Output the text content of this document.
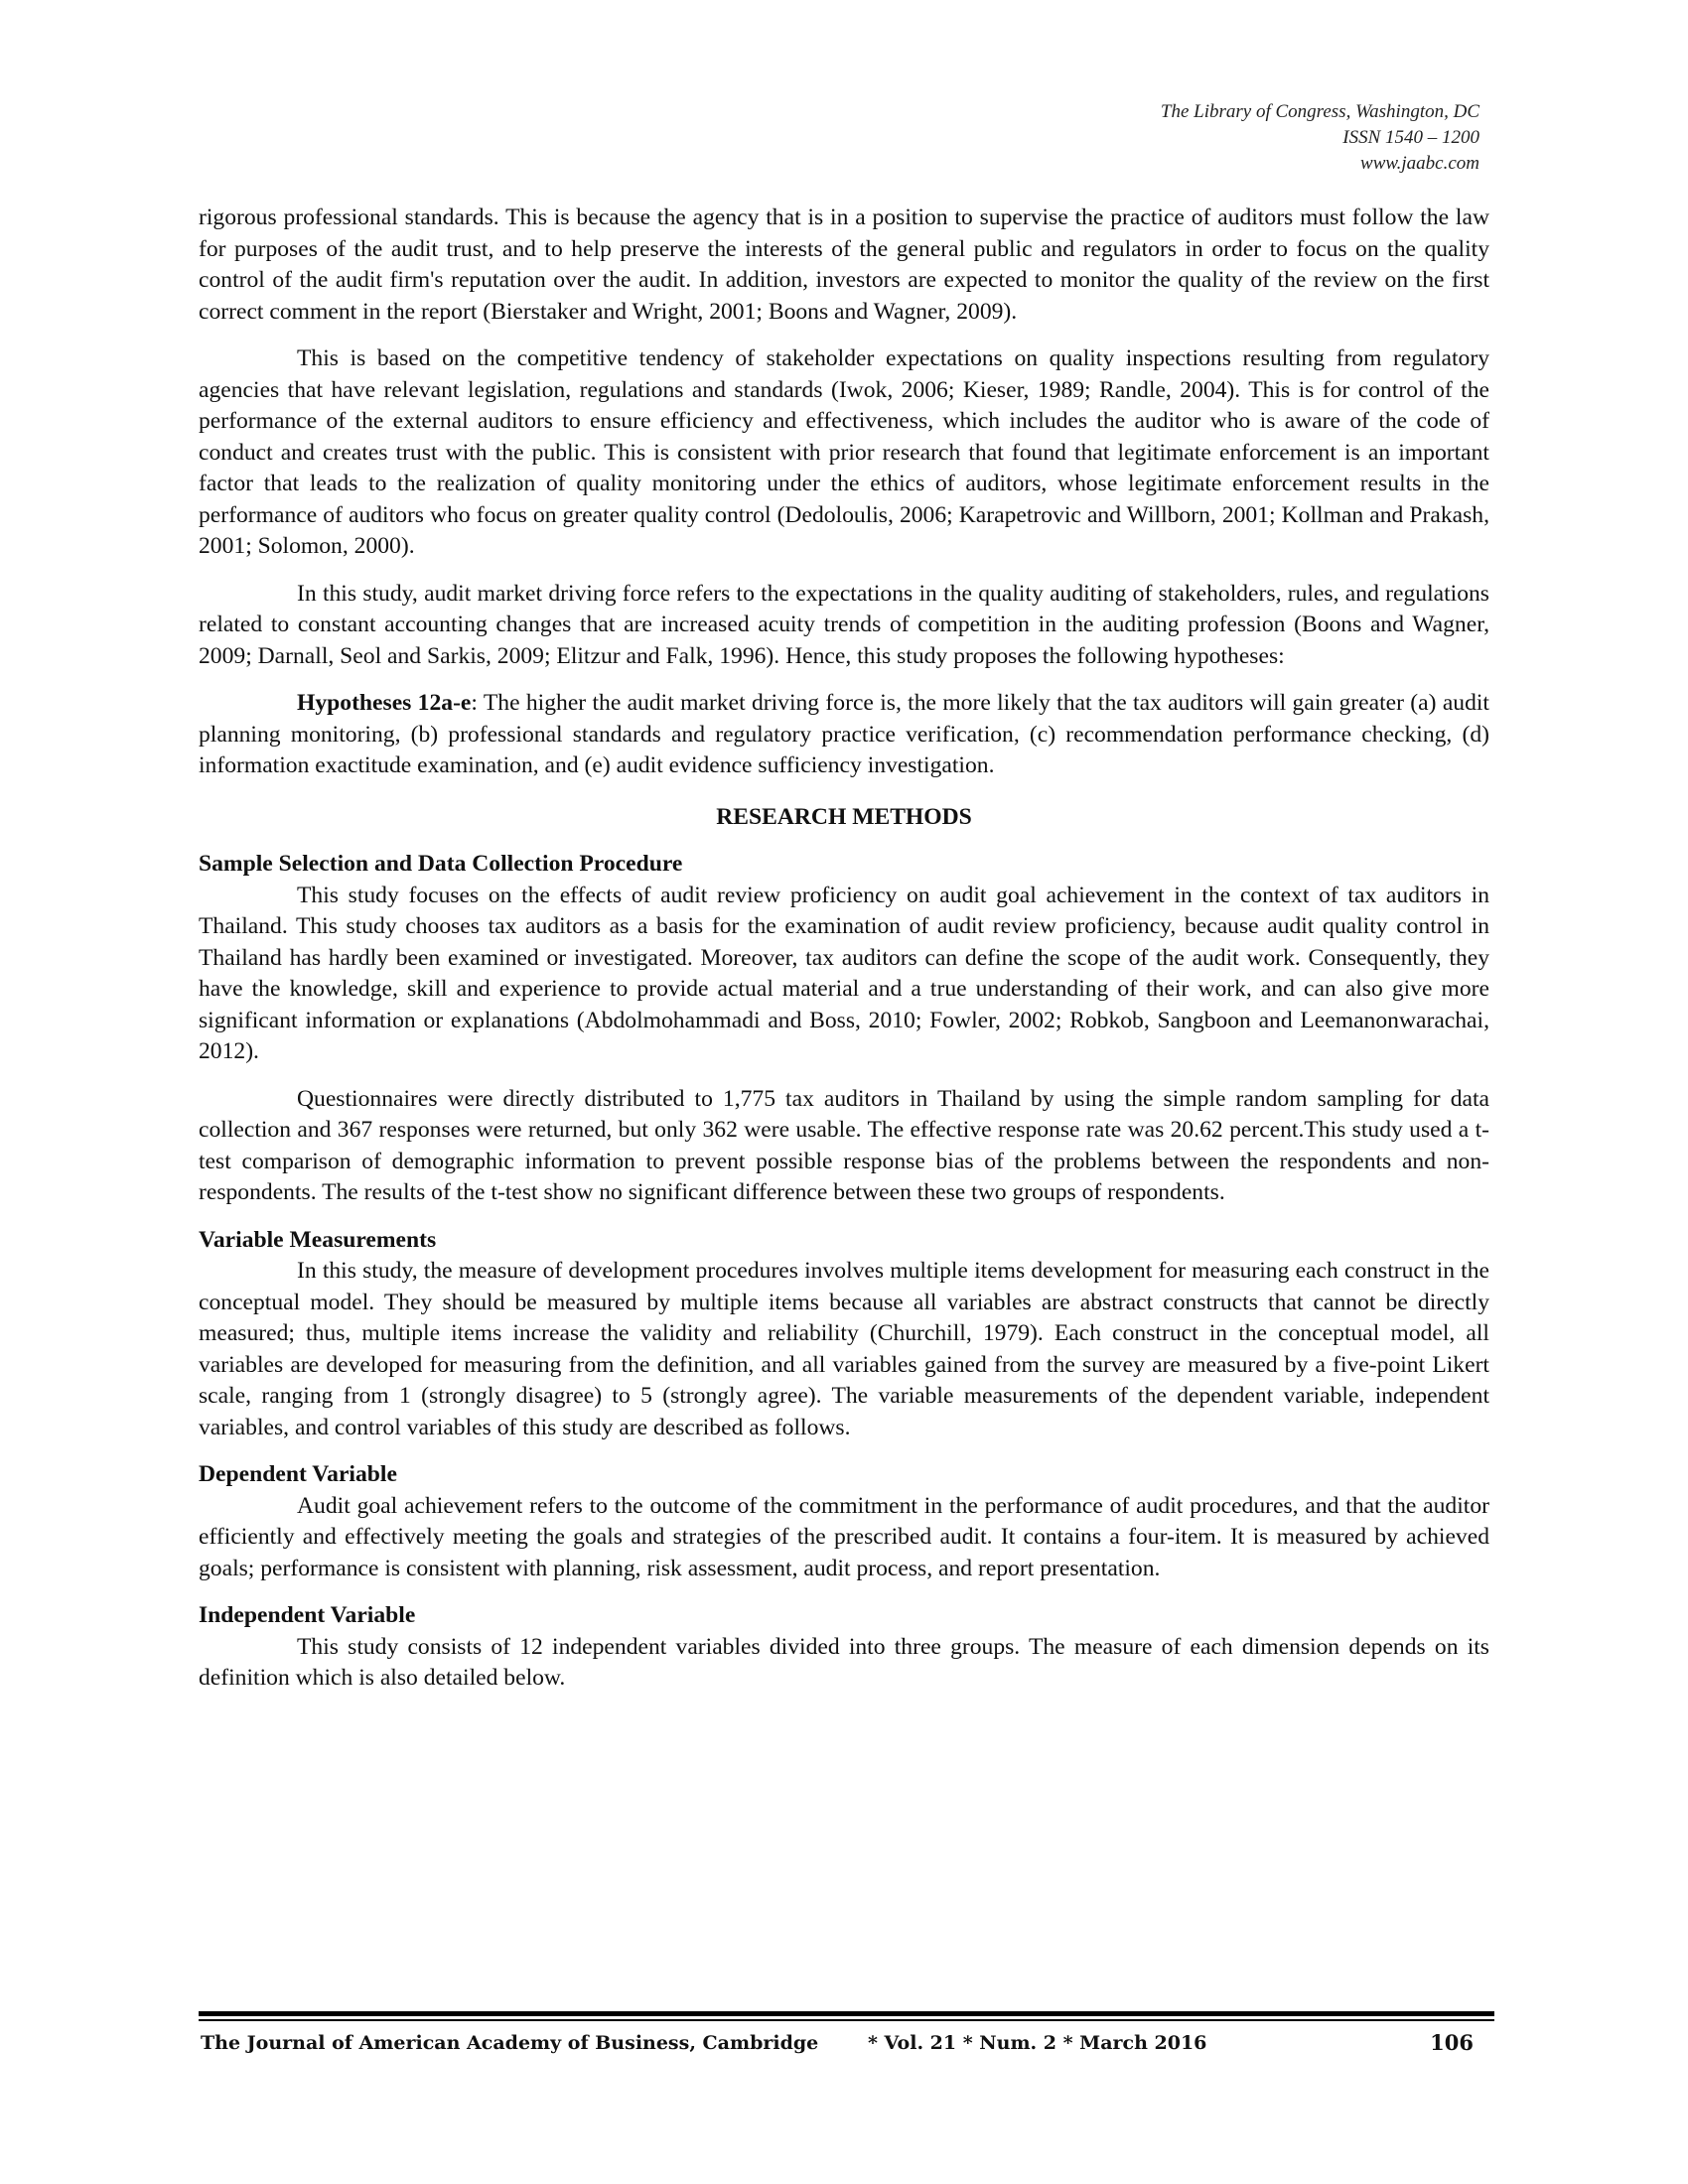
The Library of Congress, Washington, DC
ISSN 1540 – 1200
www.jaabc.com

rigorous professional standards. This is because the agency that is in a position to supervise the practice of auditors must follow the law for purposes of the audit trust, and to help preserve the interests of the general public and regulators in order to focus on the quality control of the audit firm's reputation over the audit. In addition, investors are expected to monitor the quality of the review on the first correct comment in the report (Bierstaker and Wright, 2001; Boons and Wagner, 2009).

This is based on the competitive tendency of stakeholder expectations on quality inspections resulting from regulatory agencies that have relevant legislation, regulations and standards (Iwok, 2006; Kieser, 1989; Randle, 2004). This is for control of the performance of the external auditors to ensure efficiency and effectiveness, which includes the auditor who is aware of the code of conduct and creates trust with the public. This is consistent with prior research that found that legitimate enforcement is an important factor that leads to the realization of quality monitoring under the ethics of auditors, whose legitimate enforcement results in the performance of auditors who focus on greater quality control (Dedoloulis, 2006; Karapetrovic and Willborn, 2001; Kollman and Prakash, 2001; Solomon, 2000).

In this study, audit market driving force refers to the expectations in the quality auditing of stakeholders, rules, and regulations related to constant accounting changes that are increased acuity trends of competition in the auditing profession (Boons and Wagner, 2009; Darnall, Seol and Sarkis, 2009; Elitzur and Falk, 1996). Hence, this study proposes the following hypotheses:

Hypotheses 12a-e: The higher the audit market driving force is, the more likely that the tax auditors will gain greater (a) audit planning monitoring, (b) professional standards and regulatory practice verification, (c) recommendation performance checking, (d) information exactitude examination, and (e) audit evidence sufficiency investigation.

RESEARCH METHODS
Sample Selection and Data Collection Procedure

This study focuses on the effects of audit review proficiency on audit goal achievement in the context of tax auditors in Thailand. This study chooses tax auditors as a basis for the examination of audit review proficiency, because audit quality control in Thailand has hardly been examined or investigated. Moreover, tax auditors can define the scope of the audit work. Consequently, they have the knowledge, skill and experience to provide actual material and a true understanding of their work, and can also give more significant information or explanations (Abdolmohammadi and Boss, 2010; Fowler, 2002; Robkob, Sangboon and Leemanonwarachai, 2012).

Questionnaires were directly distributed to 1,775 tax auditors in Thailand by using the simple random sampling for data collection and 367 responses were returned, but only 362 were usable. The effective response rate was 20.62 percent.This study used a t-test comparison of demographic information to prevent possible response bias of the problems between the respondents and non-respondents. The results of the t-test show no significant difference between these two groups of respondents.

Variable Measurements

In this study, the measure of development procedures involves multiple items development for measuring each construct in the conceptual model. They should be measured by multiple items because all variables are abstract constructs that cannot be directly measured; thus, multiple items increase the validity and reliability (Churchill, 1979). Each construct in the conceptual model, all variables are developed for measuring from the definition, and all variables gained from the survey are measured by a five-point Likert scale, ranging from 1 (strongly disagree) to 5 (strongly agree). The variable measurements of the dependent variable, independent variables, and control variables of this study are described as follows.

Dependent Variable

Audit goal achievement refers to the outcome of the commitment in the performance of audit procedures, and that the auditor efficiently and effectively meeting the goals and strategies of the prescribed audit. It contains a four-item. It is measured by achieved goals; performance is consistent with planning, risk assessment, audit process, and report presentation.

Independent Variable

This study consists of 12 independent variables divided into three groups. The measure of each dimension depends on its definition which is also detailed below.

The Journal of American Academy of Business, Cambridge	* Vol. 21 * Num. 2 * March 2016	106
